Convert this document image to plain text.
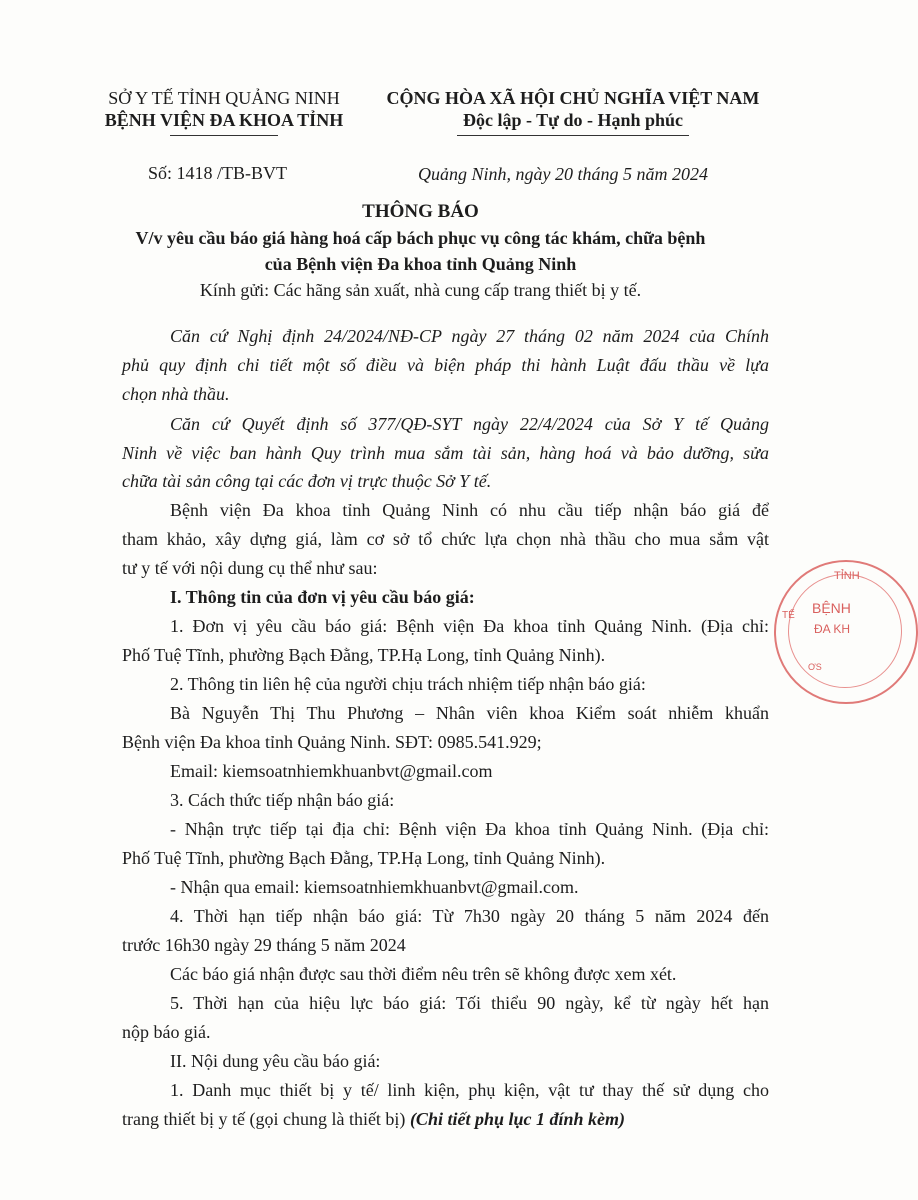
SỞ Y TẾ TỈNH QUẢNG NINH
BỆNH VIỆN ĐA KHOA TỈNH
CỘNG HÒA XÃ HỘI CHỦ NGHĨA VIỆT NAM
Độc lập - Tự do - Hạnh phúc
Số: 1418 /TB-BVT	Quảng Ninh, ngày 20 tháng 5 năm 2024
THÔNG BÁO
V/v yêu cầu báo giá hàng hoá cấp bách phục vụ công tác khám, chữa bệnh
của Bệnh viện Đa khoa tỉnh Quảng Ninh
Kính gửi: Các hãng sản xuất, nhà cung cấp trang thiết bị y tế.
Căn cứ Nghị định 24/2024/NĐ-CP ngày 27 tháng 02 năm 2024 của Chính
phủ quy định chi tiết một số điều và biện pháp thi hành Luật đấu thầu về lựa
chọn nhà thầu.
Căn cứ Quyết định số 377/QĐ-SYT ngày 22/4/2024 của Sở Y tế Quảng
Ninh về việc ban hành Quy trình mua sắm tài sản, hàng hoá và bảo dưỡng, sửa
chữa tài sản công tại các đơn vị trực thuộc Sở Y tế.
Bệnh viện Đa khoa tỉnh Quảng Ninh có nhu cầu tiếp nhận báo giá để
tham khảo, xây dựng giá, làm cơ sở tổ chức lựa chọn nhà thầu cho mua sắm vật
tư y tế với nội dung cụ thể như sau:
I. Thông tin của đơn vị yêu cầu báo giá:
1. Đơn vị yêu cầu báo giá: Bệnh viện Đa khoa tỉnh Quảng Ninh. (Địa chỉ:
Phố Tuệ Tĩnh, phường Bạch Đằng, TP.Hạ Long, tỉnh Quảng Ninh).
2. Thông tin liên hệ của người chịu trách nhiệm tiếp nhận báo giá:
Bà Nguyễn Thị Thu Phương – Nhân viên khoa Kiểm soát nhiễm khuẩn
Bệnh viện Đa khoa tỉnh Quảng Ninh. SĐT: 0985.541.929;
Email: kiemsoatnhiemkhuanbvt@gmail.com
3. Cách thức tiếp nhận báo giá:
- Nhận trực tiếp tại địa chỉ: Bệnh viện Đa khoa tỉnh Quảng Ninh. (Địa chỉ:
Phố Tuệ Tĩnh, phường Bạch Đằng, TP.Hạ Long, tỉnh Quảng Ninh).
- Nhận qua email: kiemsoatnhiemkhuanbvt@gmail.com.
4. Thời hạn tiếp nhận báo giá: Từ 7h30 ngày 20 tháng 5 năm 2024 đến
trước 16h30 ngày 29 tháng 5 năm 2024
Các báo giá nhận được sau thời điểm nêu trên sẽ không được xem xét.
5. Thời hạn của hiệu lực báo giá: Tối thiểu 90 ngày, kể từ ngày hết hạn
nộp báo giá.
II. Nội dung yêu cầu báo giá:
1. Danh mục thiết bị y tế/ linh kiện, phụ kiện, vật tư thay thế sử dụng cho
trang thiết bị y tế (gọi chung là thiết bị) (Chi tiết phụ lục 1 đính kèm)
TỈNH
BỆNH
ĐA KH
TẾ
ƠS
